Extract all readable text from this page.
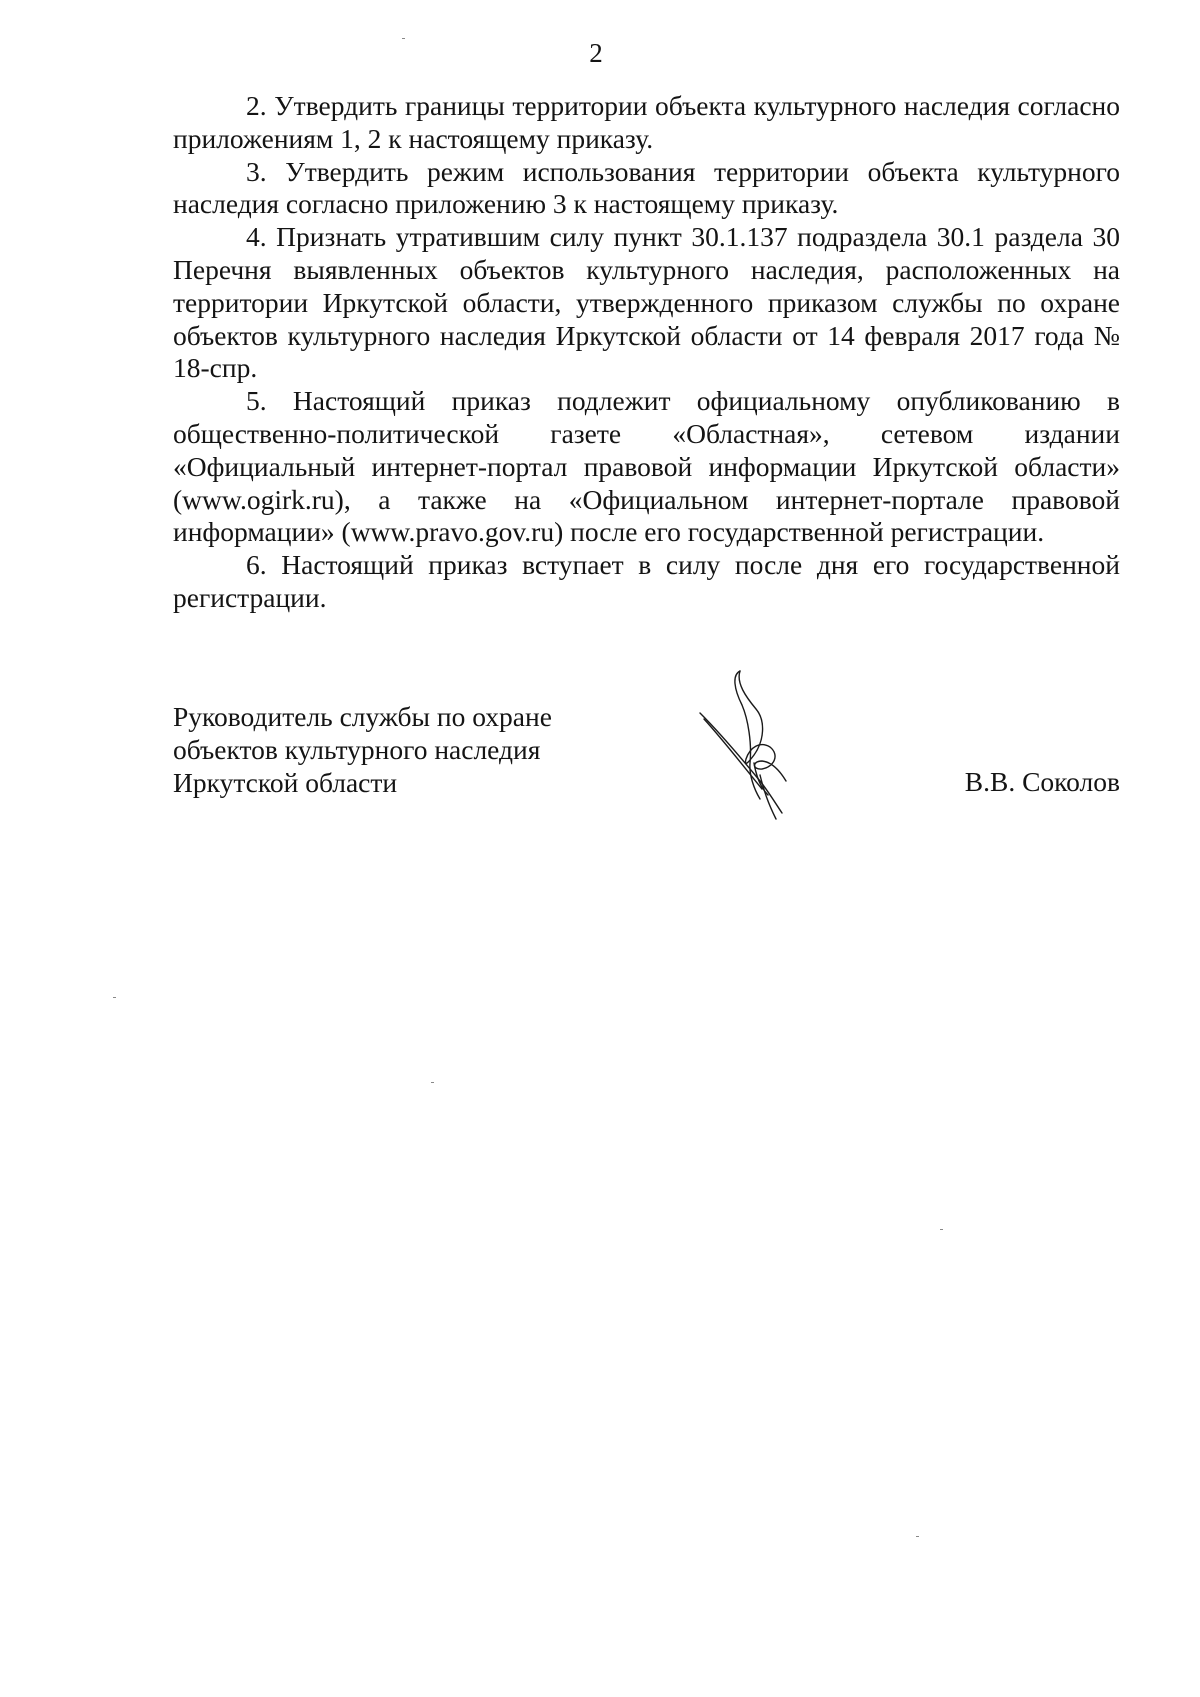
2

2. Утвердить границы территории объекта культурного наследия согласно приложениям 1, 2 к настоящему приказу.

3. Утвердить режим использования территории объекта культурного наследия согласно приложению 3 к настоящему приказу.

4. Признать утратившим силу пункт 30.1.137 подраздела 30.1 раздела 30 Перечня выявленных объектов культурного наследия, расположенных на территории Иркутской области, утвержденного приказом службы по охране объектов культурного наследия Иркутской области от 14 февраля 2017 года № 18-спр.

5. Настоящий приказ подлежит официальному опубликованию в общественно-политической газете «Областная», сетевом издании «Официальный интернет-портал правовой информации Иркутской области» (www.ogirk.ru), а также на «Официальном интернет-портале правовой информации» (www.pravo.gov.ru) после его государственной регистрации.

6. Настоящий приказ вступает в силу после дня его государственной регистрации.

Руководитель службы по охране
объектов культурного наследия
Иркутской области	В.В. Соколов
